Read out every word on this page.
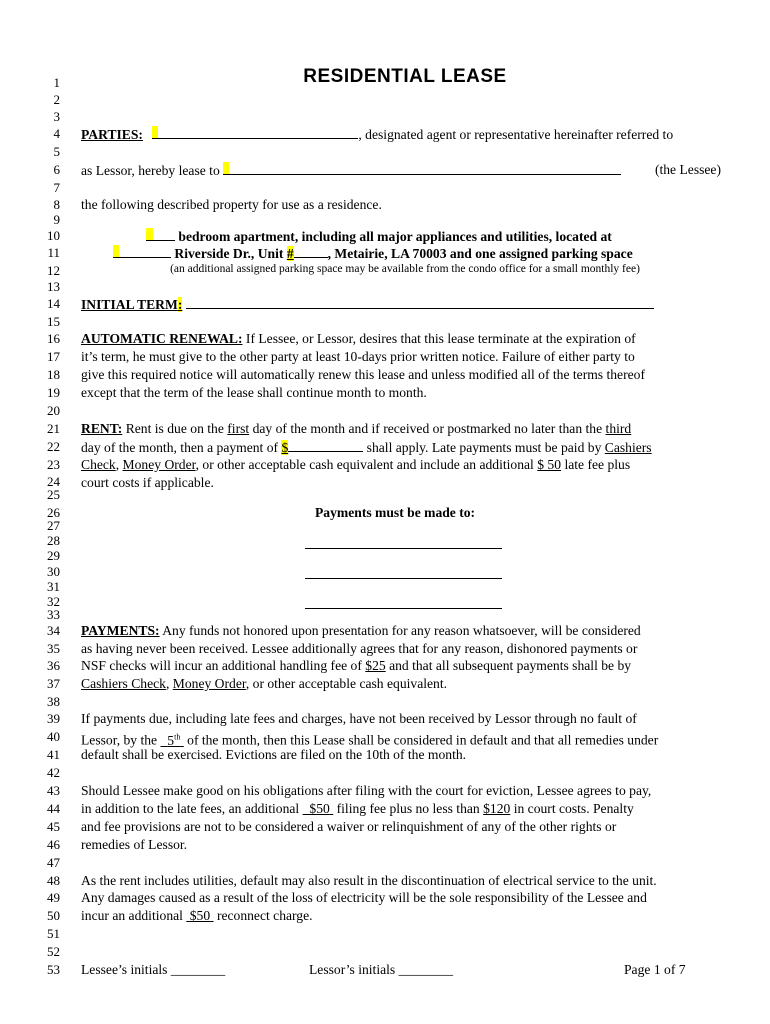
1
2
3
4
5
6
7
8
9
10
11
12
13
14
15
16
17
18
19
20
21
22
23
24
25
26
27
28
29
30
31
32
33
34
35
36
37
38
39
40
41
42
43
44
45
46
47
48
49
50
51
52
53
RESIDENTIAL LEASE
PARTIES:	, designated agent or representative hereinafter referred to
as Lessor, hereby lease to	(the Lessee)
the following described property for use as a residence.
bedroom apartment, including all major appliances and utilities, located at
Riverside Dr., Unit #	, Metairie, LA 70003 and one assigned parking space
(an additional assigned parking space may be available from the condo office for a small monthly fee)
INITIAL TERM:
AUTOMATIC RENEWAL: If Lessee, or Lessor, desires that this lease terminate at the expiration of
it’s term, he must give to the other party at least 10-days prior written notice. Failure of either party to
give this required notice will automatically renew this lease and unless modified all of the terms thereof
except that the term of the lease shall continue month to month.
RENT: Rent is due on the first day of the month and if received or postmarked no later than the third
day of the month, then a payment of $	shall apply. Late payments must be paid by Cashiers
Check, Money Order, or other acceptable cash equivalent and include an additional $ 50 late fee plus
court costs if applicable.
Payments must be made to:
PAYMENTS: Any funds not honored upon presentation for any reason whatsoever, will be considered
as having never been received. Lessee additionally agrees that for any reason, dishonored payments or
NSF checks will incur an additional handling fee of $25 and that all subsequent payments shall be by
Cashiers Check, Money Order, or other acceptable cash equivalent.
If payments due, including late fees and charges, have not been received by Lessor through no fault of
Lessor, by the 5th of the month, then this Lease shall be considered in default and that all remedies under
default shall be exercised. Evictions are filed on the 10th of the month.
Should Lessee make good on his obligations after filing with the court for eviction, Lessee agrees to pay,
in addition to the late fees, an additional $50 filing fee plus no less than $120 in court costs. Penalty
and fee provisions are not to be considered a waiver or relinquishment of any of the other rights or
remedies of Lessor.
As the rent includes utilities, default may also result in the discontinuation of electrical service to the unit.
Any damages caused as a result of the loss of electricity will be the sole responsibility of the Lessee and
incur an additional $50 reconnect charge.
Lessee’s initials ________	Lessor’s initials ________	Page 1 of 7
